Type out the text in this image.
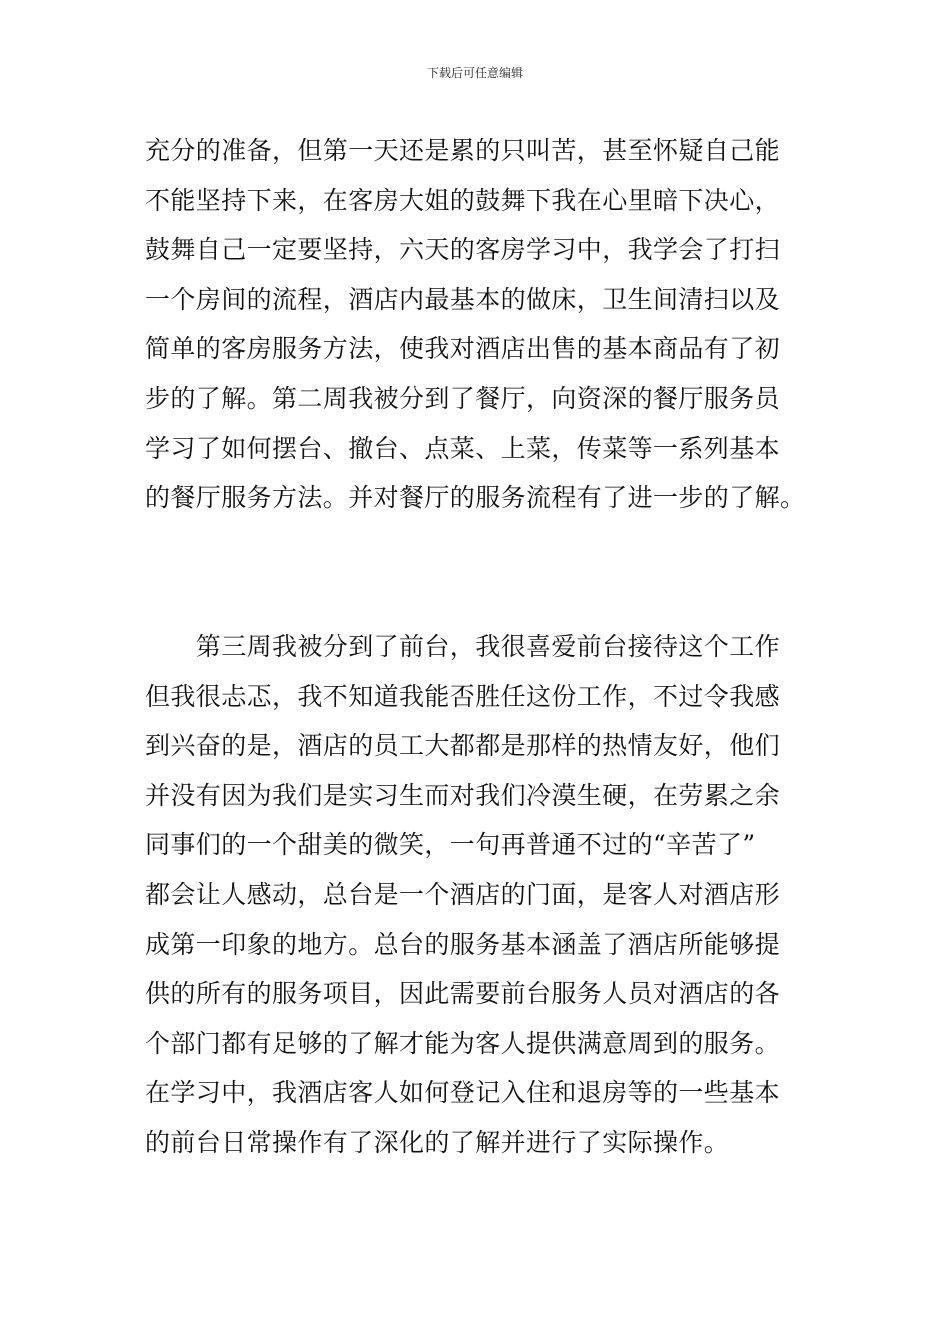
下载后可任意编辑
充分的准备，但第一天还是累的只叫苦，甚至怀疑自己能
不能坚持下来，在客房大姐的鼓舞下我在心里暗下决心，
鼓舞自己一定要坚持，六天的客房学习中，我学会了打扫
一个房间的流程，酒店内最基本的做床，卫生间清扫以及
简单的客房服务方法，使我对酒店出售的基本商品有了初
步的了解。第二周我被分到了餐厅，向资深的餐厅服务员
学习了如何摆台、撤台、点菜、上菜，传菜等一系列基本
的餐厅服务方法。并对餐厅的服务流程有了进一步的了解。
　　第三周我被分到了前台，我很喜爱前台接待这个工作
但我很忐忑，我不知道我能否胜任这份工作，不过令我感
到兴奋的是，酒店的员工大都都是那样的热情友好，他们
并没有因为我们是实习生而对我们冷漠生硬，在劳累之余
同事们的一个甜美的微笑，一句再普通不过的“辛苦了”
都会让人感动，总台是一个酒店的门面，是客人对酒店形
成第一印象的地方。总台的服务基本涵盖了酒店所能够提
供的所有的服务项目，因此需要前台服务人员对酒店的各
个部门都有足够的了解才能为客人提供满意周到的服务。
在学习中，我酒店客人如何登记入住和退房等的一些基本
的前台日常操作有了深化的了解并进行了实际操作。
